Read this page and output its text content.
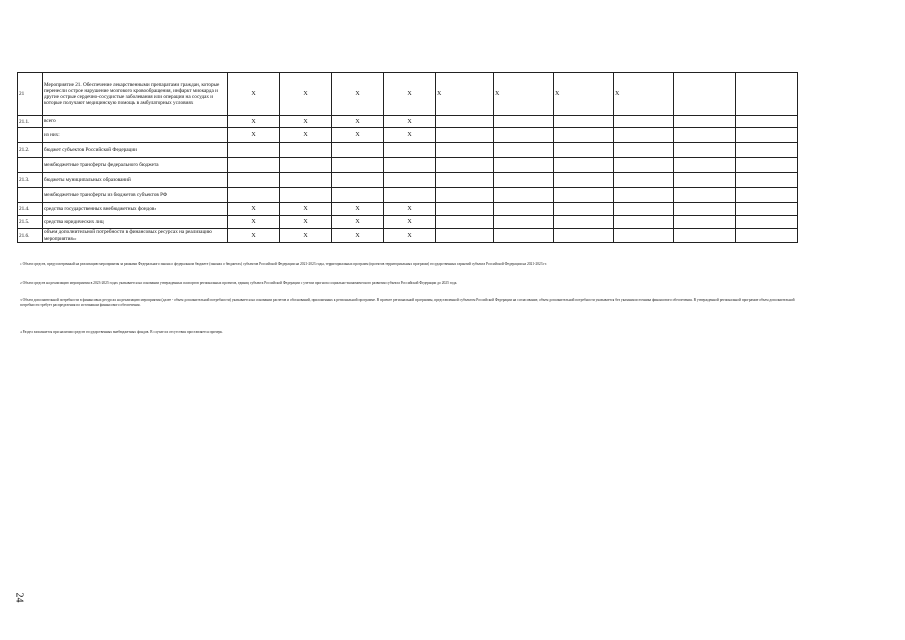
21	Мероприятие 21. Обеспечение лекарственными препаратами граждан, которые перенесли острое нарушение мозгового кровообращения, инфаркт миокарда и другие острые сердечно-сосудистые заболевания или операции на сосудах и которые получают медицинскую помощь в амбулаторных условиях	X	X	X	X	X	X	X	X			
21.1.	всего	X	X	X	X							
	из них:	X	X	X	X							
21.2.	бюджет субъектов Российской Федерации											
	межбюджетные трансферты федерального бюджета											
21.3.	бюджеты муниципальных образований											
	межбюджетные трансферты из бюджетов субъектов РФ											
21.4.	средства государственных внебюджетных фондов$^3$	X	X	X	X							
21.5.	средства юридических лиц	X	X	X	X							
21.6.	объем дополнительной потребности в финансовых ресурсах на реализацию мероприятия$^{10}$	X	X	X	X							
$^1$ Объем средств, предусмотренный на реализацию мероприятия за рамками Федерального закона о федеральном бюджете (законах о бюджетах) субъектов Российской Федерации на 2021-2023 годы, территориальных программ (проектов территориальных программ) государственных гарантий субъекта Российской Федерации на 2021-2023 гг.
$^2$ Объем средств на реализацию мероприятия в 2023-2025 годах указывается на основании утвержденных паспортов региональных проектов, единиц субъекта Российской Федерации с учетом прогноза социально-экономического развития субъекта Российской Федерации до 2025 года.
$^3$ Объем дополнительной потребности в финансовых ресурсах на реализацию мероприятия (далее - объем дополнительной потребности) указывается на основании расчетов и обоснований, приложенных к региональной программе. В проекте региональной программы, представленной субъектом Российской Федерации на согласование, объем дополнительной потребности указывается без указания источника финансового обеспечения. В утвержденной региональной программе объем дополнительной потребности требует распределения по источникам финансового обеспечения.
$^4$ Раздел заполняется при наличии средств государственных внебюджетных фондов. В случае их отсутствия проставляется прочерк.
24
